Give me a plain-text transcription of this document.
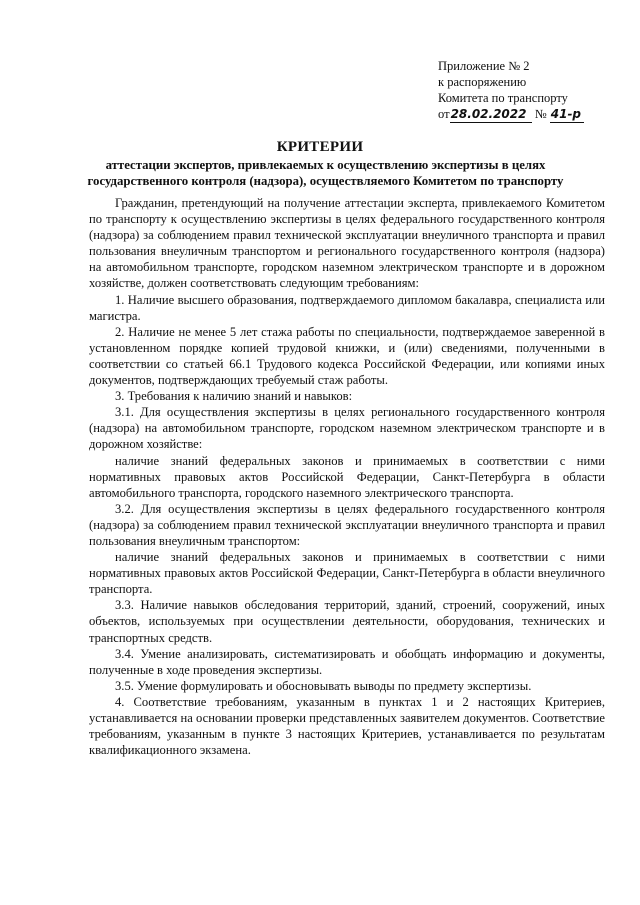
Приложение № 2
к распоряжению
Комитета по транспорту
от28.02.2022 № 41-р
КРИТЕРИИ
аттестации экспертов, привлекаемых к осуществлению экспертизы в целях государственного контроля (надзора), осуществляемого Комитетом по транспорту

Гражданин, претендующий на получение аттестации эксперта, привлекаемого Комитетом по транспорту к осуществлению экспертизы в целях федерального государственного контроля (надзора) за соблюдением правил технической эксплуатации внеуличного транспорта и правил пользования внеуличным транспортом и регионального государственного контроля (надзора) на автомобильном транспорте, городском наземном электрическом транспорте и в дорожном хозяйстве, должен соответствовать следующим требованиям:

1. Наличие высшего образования, подтверждаемого дипломом бакалавра, специалиста или магистра.

2. Наличие не менее 5 лет стажа работы по специальности, подтверждаемое заверенной в установленном порядке копией трудовой книжки, и (или) сведениями, полученными в соответствии со статьей 66.1 Трудового кодекса Российской Федерации, или копиями иных документов, подтверждающих требуемый стаж работы.

3. Требования к наличию знаний и навыков:

3.1. Для осуществления экспертизы в целях регионального государственного контроля (надзора) на автомобильном транспорте, городском наземном электрическом транспорте и в дорожном хозяйстве:

наличие знаний федеральных законов и принимаемых в соответствии с ними нормативных правовых актов Российской Федерации, Санкт-Петербурга в области автомобильного транспорта, городского наземного электрического транспорта.

3.2. Для осуществления экспертизы в целях федерального государственного контроля (надзора) за соблюдением правил технической эксплуатации внеуличного транспорта и правил пользования внеуличным транспортом:

наличие знаний федеральных законов и принимаемых в соответствии с ними нормативных правовых актов Российской Федерации, Санкт-Петербурга в области внеуличного транспорта.

3.3. Наличие навыков обследования территорий, зданий, строений, сооружений, иных объектов, используемых при осуществлении деятельности, оборудования, технических и транспортных средств.

3.4. Умение анализировать, систематизировать и обобщать информацию и документы, полученные в ходе проведения экспертизы.

3.5. Умение формулировать и обосновывать выводы по предмету экспертизы.

4. Соответствие требованиям, указанным в пунктах 1 и 2 настоящих Критериев, устанавливается на основании проверки представленных заявителем документов. Соответствие требованиям, указанным в пункте 3 настоящих Критериев, устанавливается по результатам квалификационного экзамена.
